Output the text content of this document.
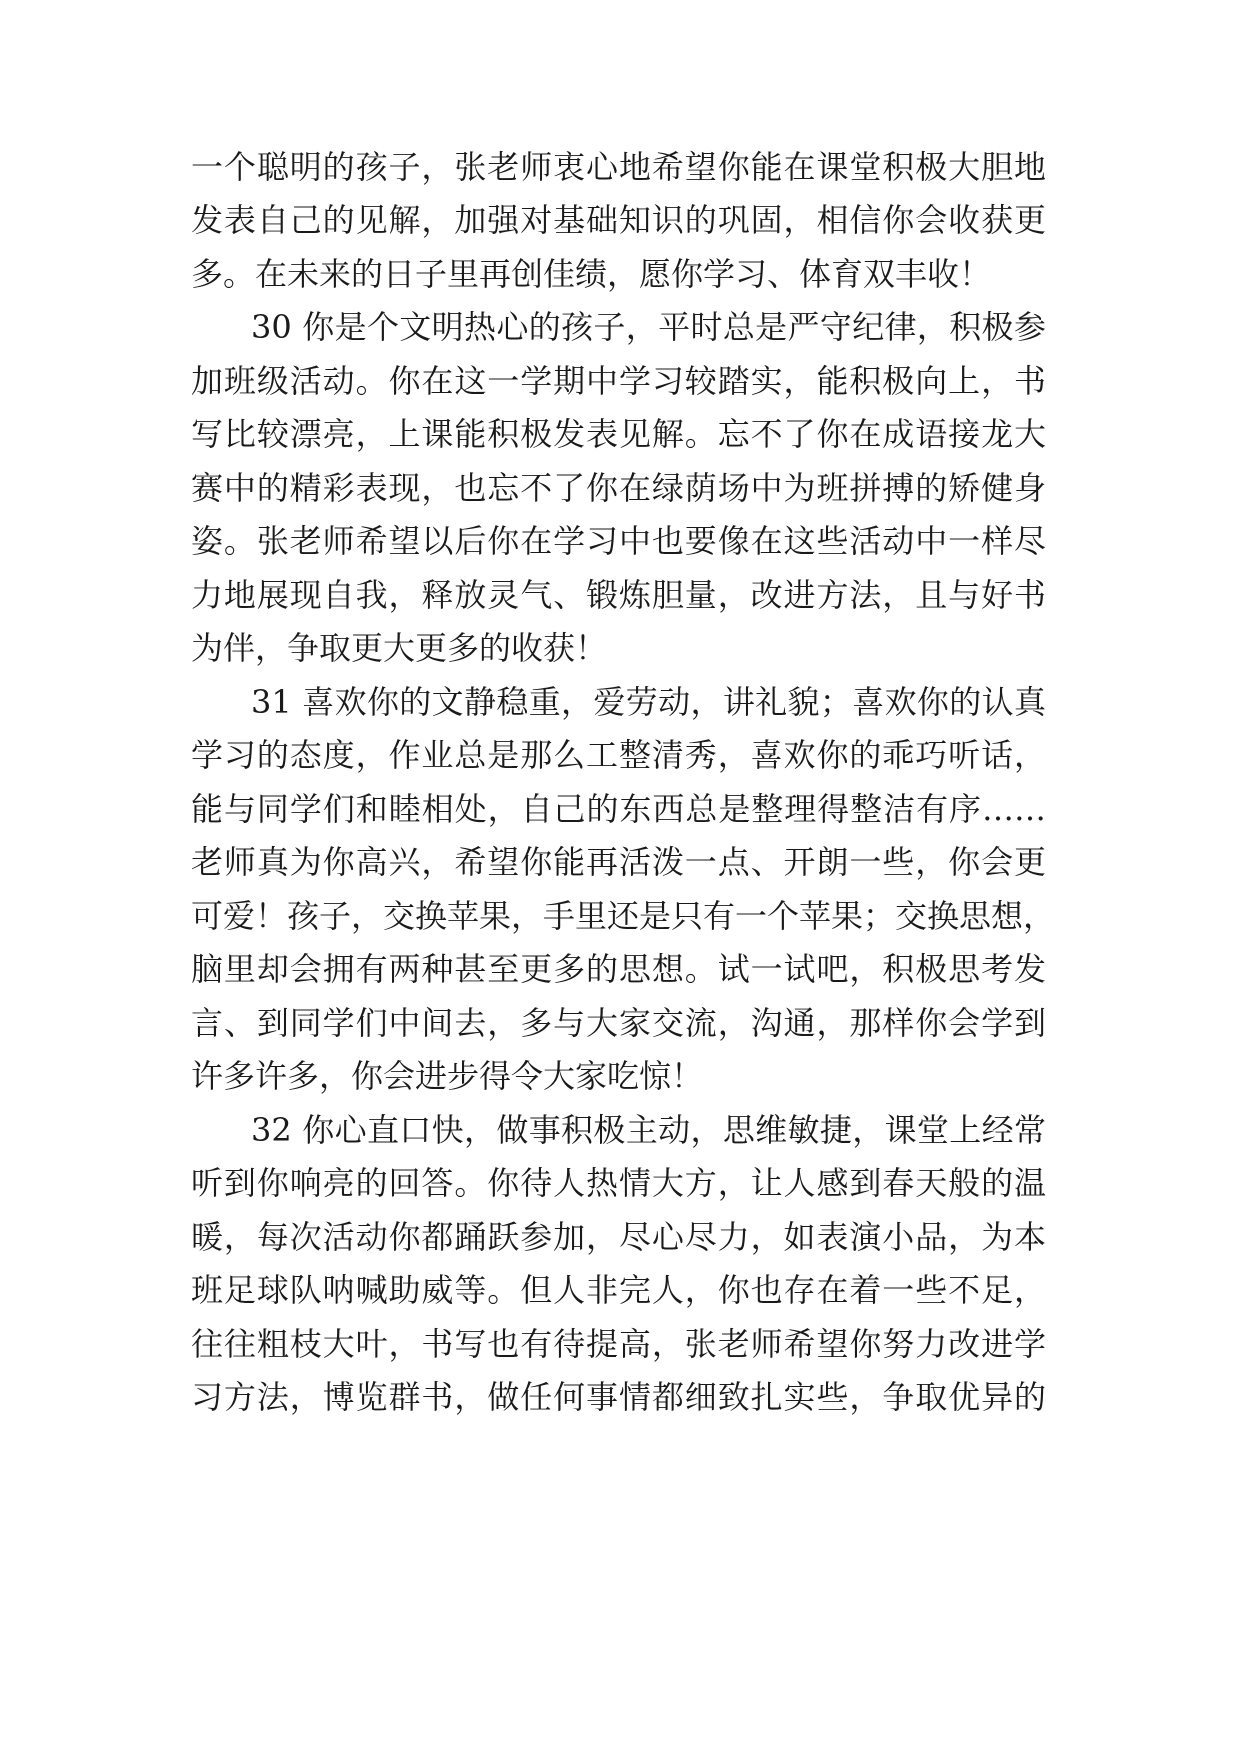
一个聪明的孩子，张老师衷心地希望你能在课堂积极大胆地
发表自己的见解，加强对基础知识的巩固，相信你会收获更
多。在未来的日子里再创佳绩，愿你学习、体育双丰收！
30 你是个文明热心的孩子，平时总是严守纪律，积极参
加班级活动。你在这一学期中学习较踏实，能积极向上，书
写比较漂亮，上课能积极发表见解。忘不了你在成语接龙大
赛中的精彩表现，也忘不了你在绿荫场中为班拼搏的矫健身
姿。张老师希望以后你在学习中也要像在这些活动中一样尽
力地展现自我，释放灵气、锻炼胆量，改进方法，且与好书
为伴，争取更大更多的收获！
31 喜欢你的文静稳重，爱劳动，讲礼貌；喜欢你的认真
学习的态度，作业总是那么工整清秀，喜欢你的乖巧听话，
能与同学们和睦相处，自己的东西总是整理得整洁有序……
老师真为你高兴，希望你能再活泼一点、开朗一些，你会更
可爱！孩子，交换苹果，手里还是只有一个苹果；交换思想，
脑里却会拥有两种甚至更多的思想。试一试吧，积极思考发
言、到同学们中间去，多与大家交流，沟通，那样你会学到
许多许多，你会进步得令大家吃惊！
32 你心直口快，做事积极主动，思维敏捷，课堂上经常
听到你响亮的回答。你待人热情大方，让人感到春天般的温
暖，每次活动你都踊跃参加，尽心尽力，如表演小品，为本
班足球队呐喊助威等。但人非完人，你也存在着一些不足，
往往粗枝大叶，书写也有待提高，张老师希望你努力改进学
习方法，博览群书，做任何事情都细致扎实些，争取优异的
